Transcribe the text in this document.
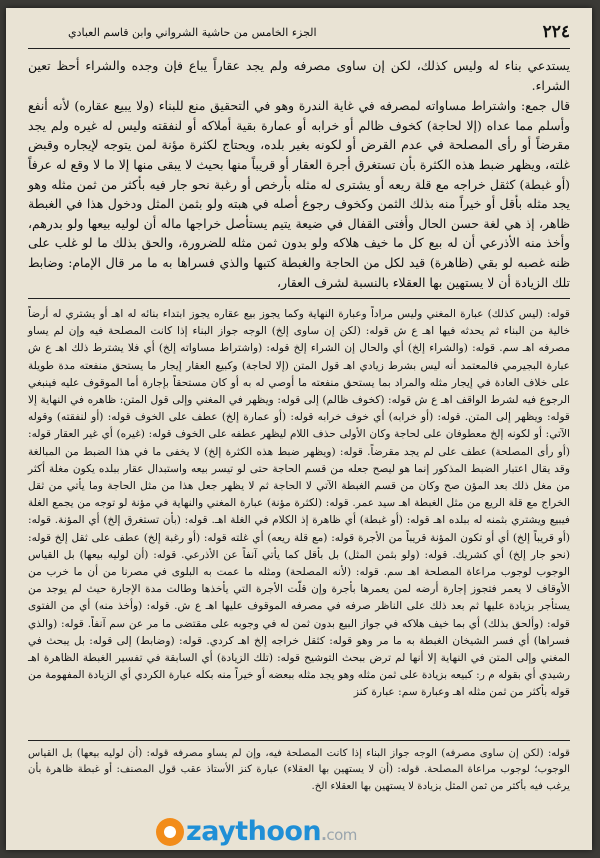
٢٢٤
الجزء الخامس من حاشية الشرواني وابن قاسم العبادي

يستدعي بناء له وليس كذلك، لكن إن ساوى مصرفه ولم يجد عقاراً يباع فإن وجده والشراء أحظ تعين الشراء.

قال جمع: واشتراط مساواته لمصرفه في غاية الندرة وهو في التحقيق منع للبناء (ولا يبيع عقاره) لأنه أنفع وأسلم مما عداه (إلا لحاجة) كخوف ظالم أو خرابه أو عمارة بقية أملاكه أو لنفقته وليس له غيره ولم يجد مقرضاً أو رأى المصلحة في عدم القرض أو لكونه بغير بلده، ويحتاج لكثرة مؤنة لمن يتوجه لإيجاره وقبض غلته، ويظهر ضبط هذه الكثرة بأن تستغرق أجرة العقار أو قريباً منها بحيث لا يبقى منها إلا ما لا وقع له عرفاً (أو غبطة) كثقل خراجه مع قلة ريعه أو يشترى له مثله بأرخص أو رغبة نحو جار فيه بأكثر من ثمن مثله وهو يجد مثله بأقل أو خيراً منه بذلك الثمن وكخوف رجوع أصله في هبته ولو بثمن المثل ودخول هذا في الغبطة ظاهر، إذ هي لغة حسن الحال وأفتى القفال في ضيعة يتيم يستأصل خراجها ماله أن لوليه بيعها ولو بدرهم، وأخذ منه الأذرعي أن له بيع كل ما خيف هلاكه ولو بدون ثمن مثله للضرورة، والحق بذلك ما لو غلب على ظنه غصبه لو بقي (ظاهرة) قيد لكل من الحاجة والغبطة كتبها والذي فسراها به ما مر قال الإمام: وضابط تلك الزيادة أن لا يستهين بها العقلاء بالنسبة لشرف العقار،

قوله: (ليس كذلك) عبارة المغني وليس مراداً وعبارة النهاية وكما يجوز بيع عقاره يجوز ابتداء بنائه له اهـ أو يشتري له أرضاً خالية من البناء ثم يحدثه فيها اهـ ع ش قوله: (لكن إن ساوى إلخ) الوجه جواز البناء إذا كانت المصلحة فيه وإن لم يساو مصرفه اهـ سم. قوله: (والشراء إلخ) أي والحال إن الشراء إلخ قوله: (واشتراط مساواته إلخ) أي فلا يشترط ذلك اهـ ع ش عبارة البجيرمي فالمعتمد أنه ليس بشرط زيادي اهـ قول المتن (إلا لحاجة) وكبيع العقار إيجار ما يستحق منفعته مدة طويلة على خلاف العادة في إيجار مثله والمراد بما يستحق منفعته ما أوصي له به أو كان مستحقاً بإجارة أما الموقوف عليه فينبغي الرجوع فيه لشرط الواقف اهـ ع ش قوله: (كخوف ظالم) إلى قوله: ويظهر في المغني وإلى قول المتن: ظاهره في النهاية إلا قوله: ويظهر إلى المتن. قوله: (أو خرابه) أي خوف خرابه قوله: (أو عمارة إلخ) عطف على الخوف قوله: (أو لنفقته) وقوله الآتي: أو لكونه إلخ معطوفان على لحاجة وكان الأولى حذف اللام ليظهر عطفه على الخوف قوله: (غيره) أي غير العقار قوله: (أو رأى المصلحة) عطف على لم يجد مقرضاً. قوله: (ويظهر ضبط هذه الكثرة إلخ) لا يخفى ما في هذا الضبط من المبالغة وقد يقال اعتبار الضبط المذكور إنما هو ليصح جعله من قسم الحاجة حتى لو تيسر بيعه واستبدال عقار ببلده يكون مغلة أكثر من مغل ذلك بعد المؤن صح وكان من قسم الغبطة الآتي لا الحاجة ثم لا يظهر جعل هذا من مثل الحاجة وما يأتي من ثقل الخراج مع قلة الريع من مثل الغبطة اهـ سيد عمر. قوله: (لكثرة مؤنة) عبارة المغني والنهاية في مؤنة لو توجه من يجمع الغلة فيبيع ويشتري بثمنه له ببلده اهـ قوله: (أو غبطة) أي ظاهرة إذ الكلام في الغلة اهـ. قوله: (بأن تستغرق إلخ) أي المؤنة. قوله: (أو قريباً إلخ) أي أو تكون المؤنة قريباً من الأجرة قوله: (مع قلة ريعه) أي غلته قوله: (أو رغبة إلخ) عطف على ثقل إلخ قوله: (نحو جار إلخ) أي كشريك. قوله: (ولو بثمن المثل) بل بأقل كما يأتي آنفاً عن الأذرعي. قوله: (أن لوليه بيعها) بل القياس الوجوب لوجوب مراعاة المصلحة اهـ سم. قوله: (لأنه المصلحة) ومثله ما عمت به البلوى في مصرنا من أن ما خرب من الأوقاف لا يعمر فتجوز إجارة أرضه لمن يعمرها بأجرة وإن قلّت الأجرة التي يأخذها وطالت مدة الإجارة حيث لم يوجد من يستأجر بزيادة عليها ثم بعد ذلك على الناظر صرفه في مصرفه الموقوف عليها اهـ ع ش. قوله: (وأخذ منه) أي من الفتوى قوله: (وألحق بذلك) أي بما خيف هلاكه في جواز البيع بدون ثمن له في وجوبه على مقتضى ما مر عن سم آنفاً. قوله: (والذي فسراها) أي فسر الشيخان الغبطة به ما مر وهو قوله: كثقل خراجه إلخ اهـ كردي. قوله: (وضابط) إلى قوله: بل يبحث في المغني وإلى المتن في النهاية إلا أنها لم ترض ببحث التوشيح قوله: (تلك الزيادة) أي السابقة في تفسير الغبطة الظاهرة اهـ رشيدي أي بقوله م ر: كبيعه بزيادة على ثمن مثله وهو يجد مثله ببعضه أو خيراً منه بكله عبارة الكردي أي الزيادة المفهومة من قوله بأكثر من ثمن مثله اهـ وعبارة سم: عبارة كنز

قوله: (لكن إن ساوى مصرفه) الوجه جواز البناء إذا كانت المصلحة فيه، وإن لم يساو مصرفه قوله: (أن لوليه بيعها) بل القياس الوجوب؛ لوجوب مراعاة المصلحة. قوله: (أن لا يستهين بها العقلاء) عبارة كنز الأستاذ عقب قول المصنف: أو غبطة ظاهرة بأن يرغب فيه بأكثر من ثمن المثل بزيادة لا يستهين بها العقلاء الخ.

zaythoon.com
